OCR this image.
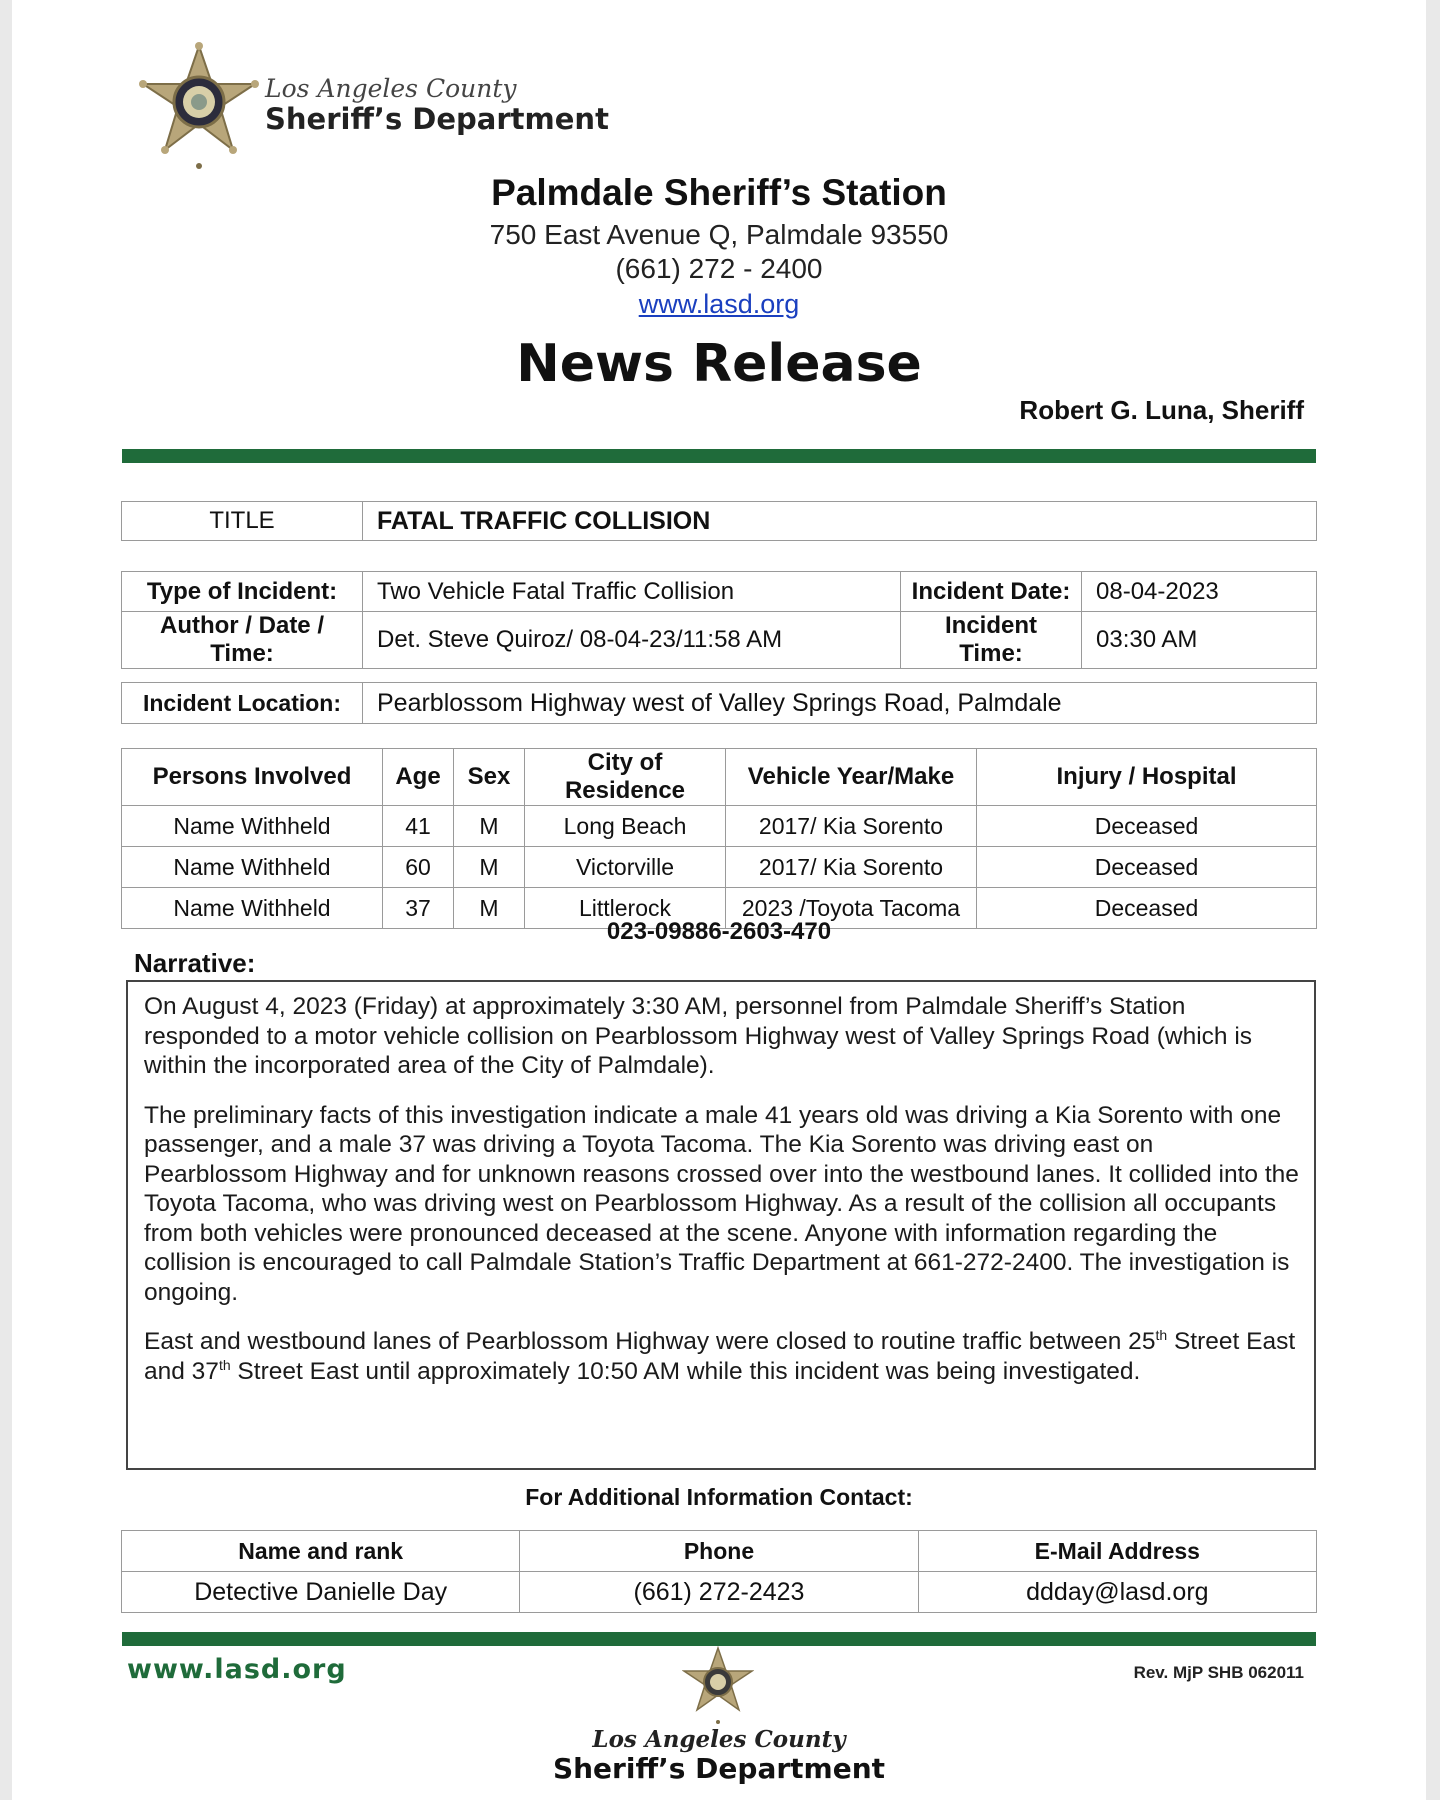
Los Angeles County
Sheriff’s Department
Palmdale Sheriff’s Station
750 East Avenue Q, Palmdale 93550
(661) 272 - 2400
www.lasd.org
News Release
Robert G. Luna, Sheriff
TITLE	FATAL TRAFFIC COLLISION
Type of Incident:	Two Vehicle Fatal Traffic Collision	Incident Date:	08-04-2023
Author / Date / Time:	Det. Steve Quiroz/ 08-04-23/11:58 AM	Incident Time:	03:30 AM
Incident Location:	Pearblossom Highway west of Valley Springs Road, Palmdale
Persons Involved	Age	Sex	City of Residence	Vehicle Year/Make	Injury / Hospital
Name Withheld	41	M	Long Beach	2017/ Kia Sorento	Deceased
Name Withheld	60	M	Victorville	2017/ Kia Sorento	Deceased
Name Withheld	37	M	Littlerock	2023 /Toyota Tacoma	Deceased
023-09886-2603-470
Narrative:

On August 4, 2023 (Friday) at approximately 3:30 AM, personnel from Palmdale Sheriff’s Station responded to a motor vehicle collision on Pearblossom Highway west of Valley Springs Road (which is within the incorporated area of the City of Palmdale).

The preliminary facts of this investigation indicate a male 41 years old was driving a Kia Sorento with one passenger, and a male 37 was driving a Toyota Tacoma. The Kia Sorento was driving east on Pearblossom Highway and for unknown reasons crossed over into the westbound lanes. It collided into the Toyota Tacoma, who was driving west on Pearblossom Highway. As a result of the collision all occupants from both vehicles were pronounced deceased at the scene. Anyone with information regarding the collision is encouraged to call Palmdale Station’s Traffic Department at 661-272-2400. The investigation is ongoing.

East and westbound lanes of Pearblossom Highway were closed to routine traffic between 25th Street East and 37th Street East until approximately 10:50 AM while this incident was being investigated.

For Additional Information Contact:
Name and rank	Phone	E-Mail Address
Detective Danielle Day	(661) 272-2423	ddday@lasd.org
www.lasd.org	Rev. MjP SHB 062011
Los Angeles County
Sheriff’s Department
